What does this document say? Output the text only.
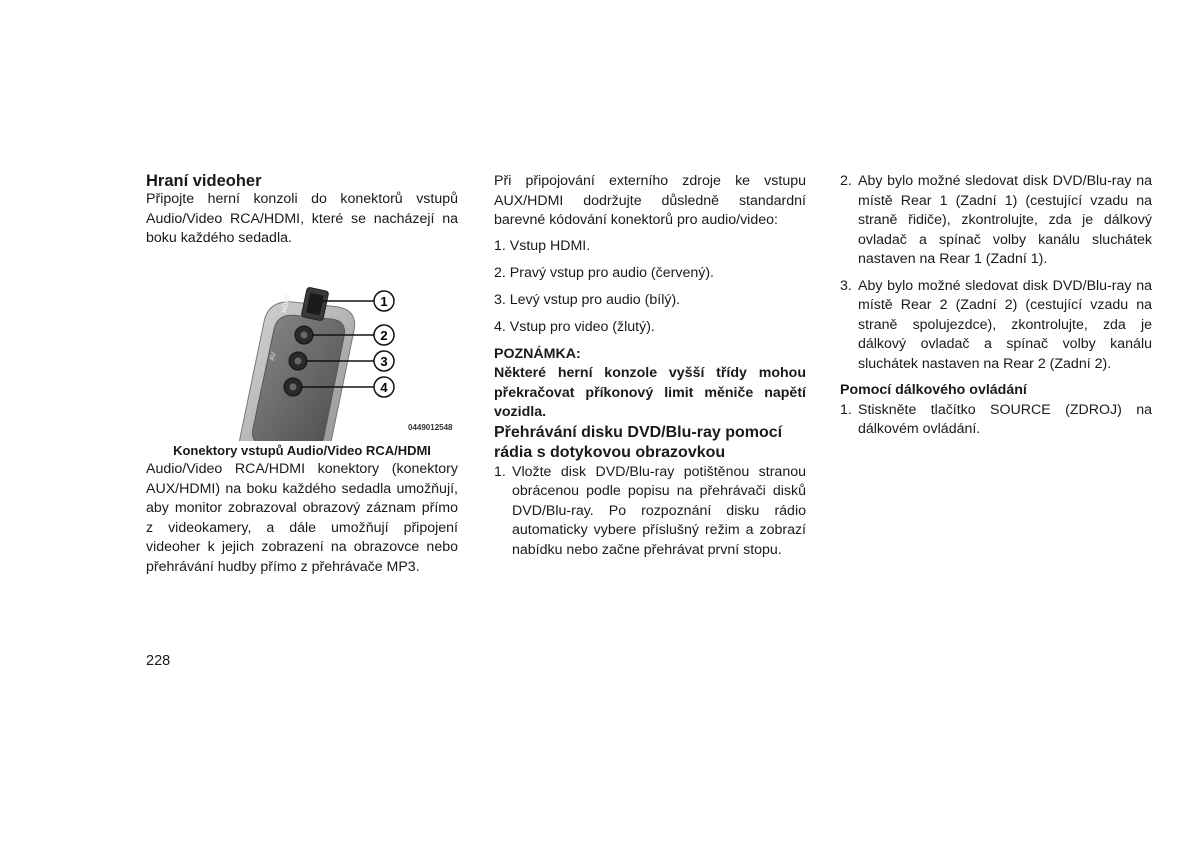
Hraní videoher

Připojte herní konzoli do konektorů vstupů Audio/Video RCA/HDMI, které se nacházejí na boku každého sedadla.

HDMI
AV
1
2
3
4
0449012548

Konektory vstupů Audio/Video RCA/HDMI

Audio/Video RCA/HDMI konektory (konektory AUX/HDMI) na boku každého sedadla umožňují, aby monitor zobrazoval obrazový záznam přímo z videokamery, a dále umožňují připojení videoher k jejich zobrazení na obrazovce nebo přehrávání hudby přímo z přehrávače MP3.

Při připojování externího zdroje ke vstupu AUX/HDMI dodržujte důsledně standardní barevné kódování konektorů pro audio/video:

1. Vstup HDMI.
2. Pravý vstup pro audio (červený).
3. Levý vstup pro audio (bílý).
4. Vstup pro video (žlutý).

POZNÁMKA:

Některé herní konzole vyšší třídy mohou překračovat příkonový limit měniče napětí vozidla.

Přehrávání disku DVD/Blu-ray pomocí rádia s dotykovou obrazovkou

1. Vložte disk DVD/Blu-ray potištěnou stranou obrácenou podle popisu na přehrávači disků DVD/Blu-ray. Po rozpoznání disku rádio automaticky vybere příslušný režim a zobrazí nabídku nebo začne přehrávat první stopu.
2. Aby bylo možné sledovat disk DVD/Blu-ray na místě Rear 1 (Zadní 1) (cestující vzadu na straně řidiče), zkontrolujte, zda je dálkový ovladač a spínač volby kanálu sluchátek nastaven na Rear 1 (Zadní 1).
3. Aby bylo možné sledovat disk DVD/Blu-ray na místě Rear 2 (Zadní 2) (cestující vzadu na straně spolujezdce), zkontrolujte, zda je dálkový ovladač a spínač volby kanálu sluchátek nastaven na Rear 2 (Zadní 2).

Pomocí dálkového ovládání

1. Stiskněte tlačítko SOURCE (ZDROJ) na dálkovém ovládání.
228
